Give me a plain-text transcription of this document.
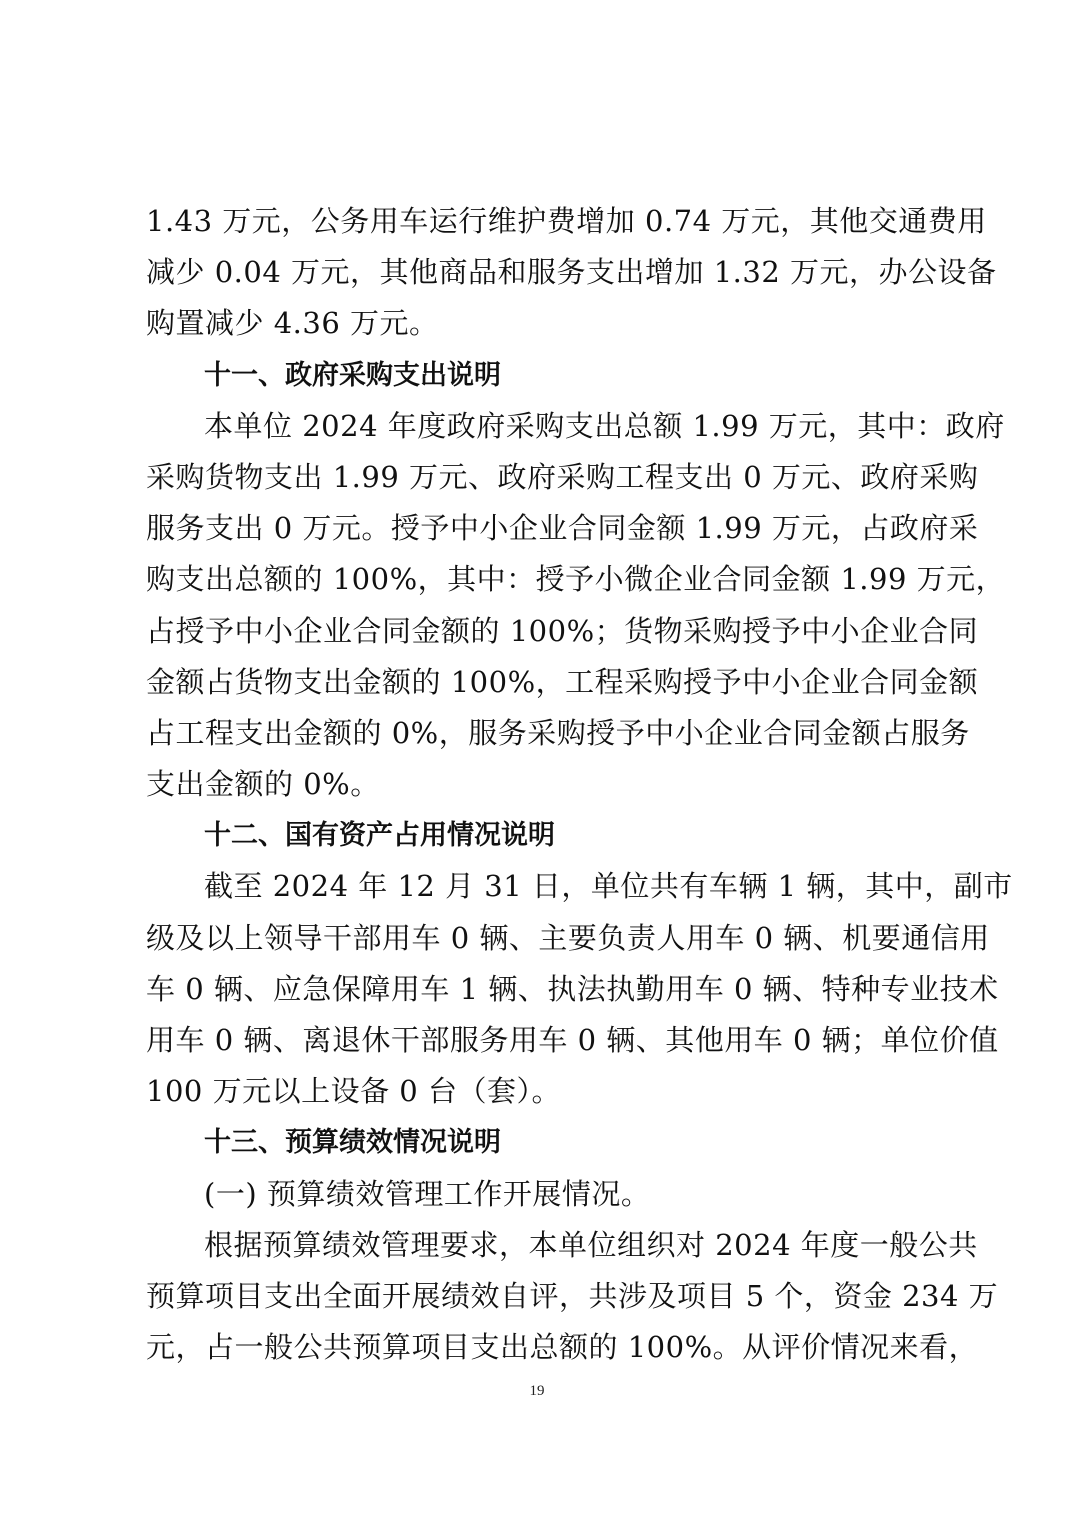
1.43 万元，公务用车运行维护费增加 0.74 万元，其他交通费用
减少 0.04 万元，其他商品和服务支出增加 1.32 万元，办公设备
购置减少 4.36 万元。
十一、政府采购支出说明
本单位 2024 年度政府采购支出总额 1.99 万元，其中：政府
采购货物支出 1.99 万元、政府采购工程支出 0 万元、政府采购
服务支出 0 万元。授予中小企业合同金额 1.99 万元，占政府采
购支出总额的 100%，其中：授予小微企业合同金额 1.99 万元，
占授予中小企业合同金额的 100%；货物采购授予中小企业合同
金额占货物支出金额的 100%，工程采购授予中小企业合同金额
占工程支出金额的 0%，服务采购授予中小企业合同金额占服务
支出金额的 0%。
十二、国有资产占用情况说明
截至 2024 年 12 月 31 日，单位共有车辆 1 辆，其中，副市
级及以上领导干部用车 0 辆、主要负责人用车 0 辆、机要通信用
车 0 辆、应急保障用车 1 辆、执法执勤用车 0 辆、特种专业技术
用车 0 辆、离退休干部服务用车 0 辆、其他用车 0 辆；单位价值
100 万元以上设备 0 台（套）。
十三、预算绩效情况说明
(一) 预算绩效管理工作开展情况。
根据预算绩效管理要求，本单位组织对 2024 年度一般公共
预算项目支出全面开展绩效自评，共涉及项目 5 个，资金 234 万
元，占一般公共预算项目支出总额的 100%。从评价情况来看，
19
